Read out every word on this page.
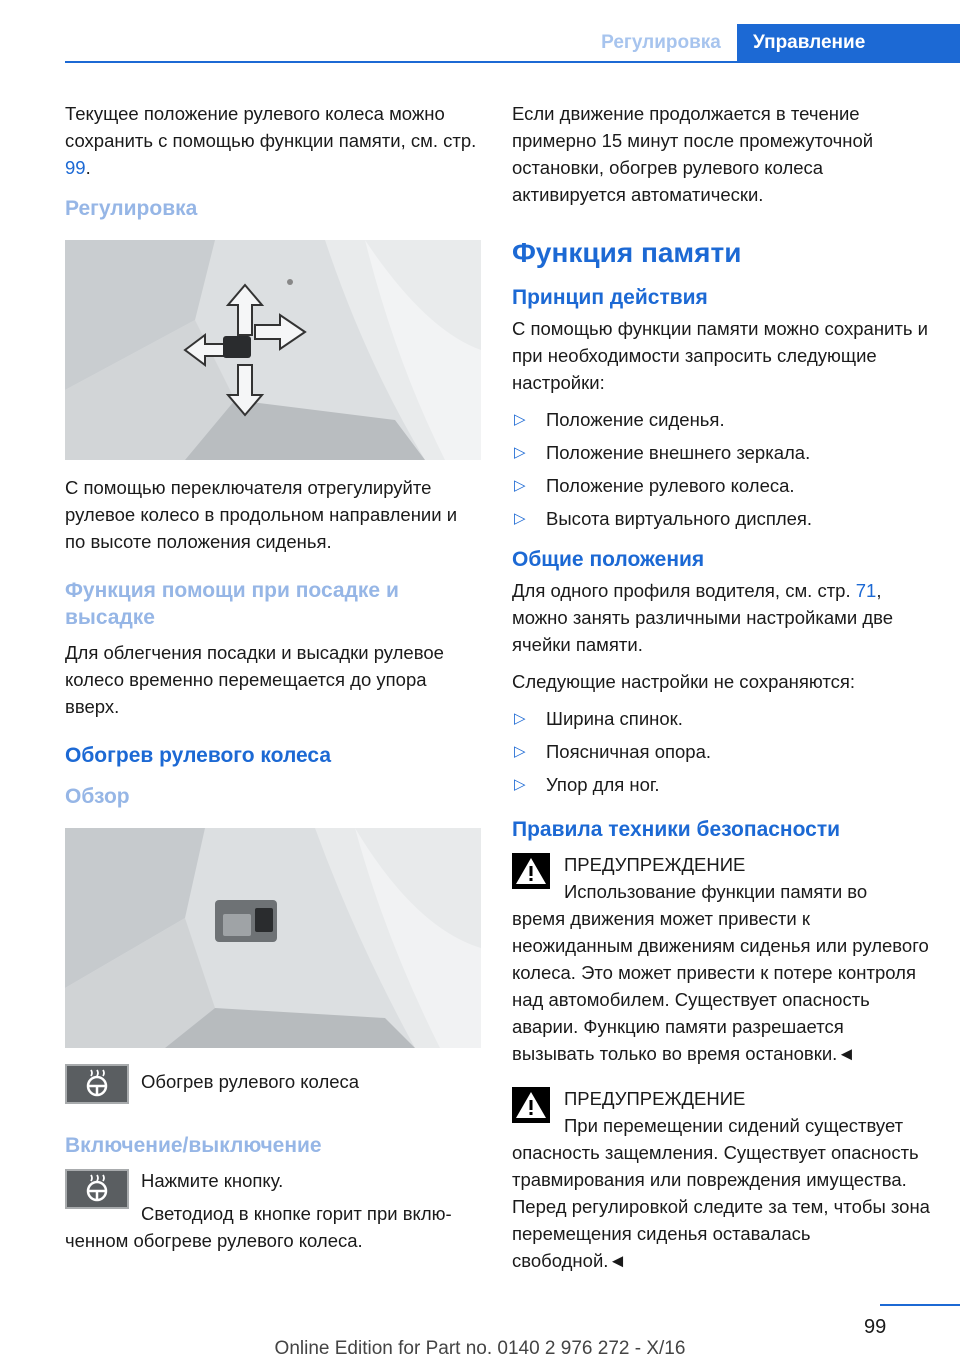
Регулировка	Управление

Текущее положение рулевого колеса можно сохранить с помощью функции памяти, см. стр. 99.

Регулировка

С помощью переключателя отрегулируйте рулевое колесо в продольном направлении и по высоте положения сиденья.

Функция помощи при посадке и высадке

Для облегчения посадки и высадки рулевое колесо временно перемещается до упора вверх.

Обогрев рулевого колеса
Обзор
Обогрев рулевого колеса
Включение/выключение
Нажмите кнопку.
Светодиод в кнопке горит при вклю-

ченном обогреве рулевого колеса.

Если движение продолжается в течение примерно 15 минут после промежуточной остановки, обогрев рулевого колеса активируется автоматически.

Функция памяти
Принцип действия

С помощью функции памяти можно сохранить и при необходимости запросить следующие настройки:

▷ Положение сиденья.
▷ Положение внешнего зеркала.
▷ Положение рулевого колеса.
▷ Высота виртуального дисплея.
Общие положения

Для одного профиля водителя, см. стр. 71, можно занять различными настройками две ячейки памяти.

Следующие настройки не сохраняются:

▷ Ширина спинок.
▷ Поясничная опора.
▷ Упор для ног.
Правила техники безопасности
ПРЕДУПРЕЖДЕНИЕ
Использование функции памяти во
время движения может привести к неожиданным движениям сиденья или рулевого колеса. Это может привести к потере контроля над автомобилем. Существует опасность аварии. Функцию памяти разрешается вызывать только во время остановки.◄
ПРЕДУПРЕЖДЕНИЕ
При перемещении сидений существует
опасность защемления. Существует опасность травмирования или повреждения имущества. Перед регулировкой следите за тем, чтобы зона перемещения сиденья оставалась свободной.◄
99
Online Edition for Part no. 0140 2 976 272 - X/16
